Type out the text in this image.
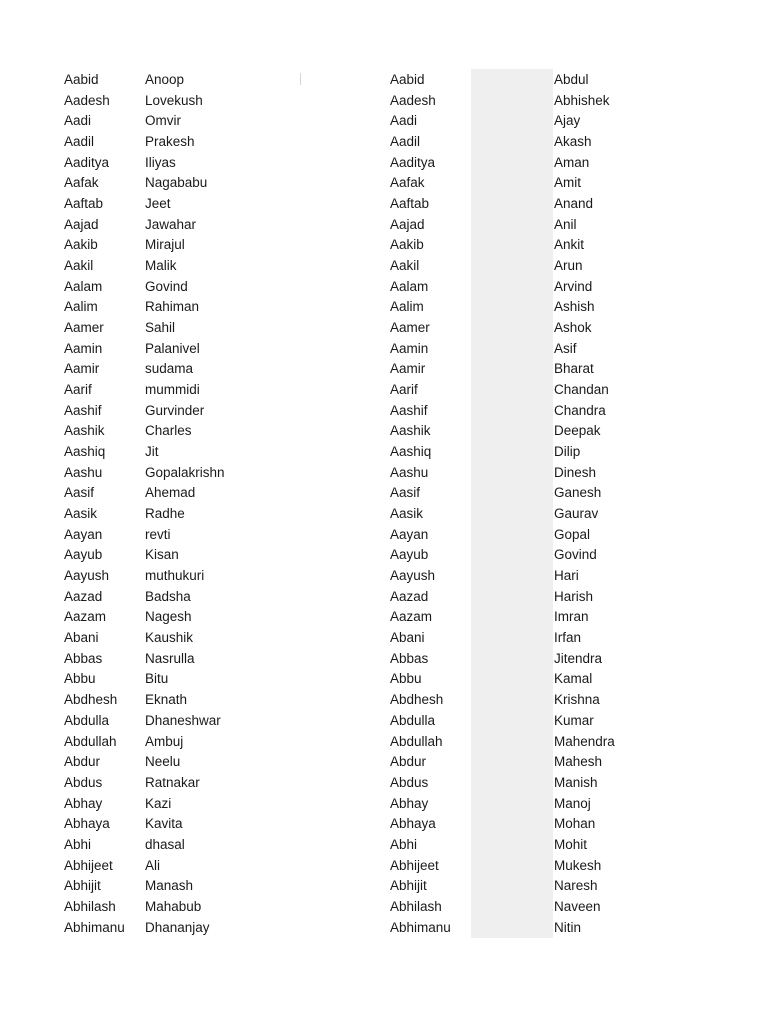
Aabid
Aadesh
Aadi
Aadil
Aaditya
Aafak
Aaftab
Aajad
Aakib
Aakil
Aalam
Aalim
Aamer
Aamin
Aamir
Aarif
Aashif
Aashik
Aashiq
Aashu
Aasif
Aasik
Aayan
Aayub
Aayush
Aazad
Aazam
Abani
Abbas
Abbu
Abdhesh
Abdulla
Abdullah
Abdur
Abdus
Abhay
Abhaya
Abhi
Abhijeet
Abhijit
Abhilash
Abhimanu
Anoop
Lovekush
Omvir
Prakesh
Iliyas
Nagababu
Jeet
Jawahar
Mirajul
Malik
Govind
Rahiman
Sahil
Palanivel
sudama
mummidi
Gurvinder
Charles
Jit
Gopalakrishn
Ahemad
Radhe
revti
Kisan
muthukuri
Badsha
Nagesh
Kaushik
Nasrulla
Bitu
Eknath
Dhaneshwar
Ambuj
Neelu
Ratnakar
Kazi
Kavita
dhasal
Ali
Manash
Mahabub
Dhananjay
Aabid
Aadesh
Aadi
Aadil
Aaditya
Aafak
Aaftab
Aajad
Aakib
Aakil
Aalam
Aalim
Aamer
Aamin
Aamir
Aarif
Aashif
Aashik
Aashiq
Aashu
Aasif
Aasik
Aayan
Aayub
Aayush
Aazad
Aazam
Abani
Abbas
Abbu
Abdhesh
Abdulla
Abdullah
Abdur
Abdus
Abhay
Abhaya
Abhi
Abhijeet
Abhijit
Abhilash
Abhimanu
Abdul
Abhishek
Ajay
Akash
Aman
Amit
Anand
Anil
Ankit
Arun
Arvind
Ashish
Ashok
Asif
Bharat
Chandan
Chandra
Deepak
Dilip
Dinesh
Ganesh
Gaurav
Gopal
Govind
Hari
Harish
Imran
Irfan
Jitendra
Kamal
Krishna
Kumar
Mahendra
Mahesh
Manish
Manoj
Mohan
Mohit
Mukesh
Naresh
Naveen
Nitin
